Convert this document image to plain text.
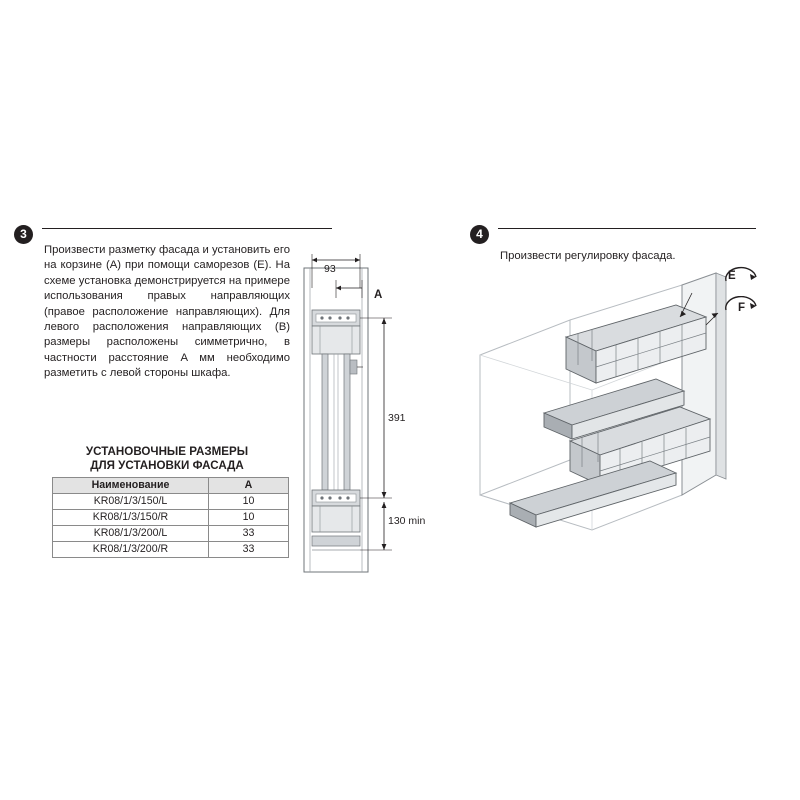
3
Произвести разметку фасада и установить его на корзине (A) при помощи саморезов (E). На схеме установка демонстрируется на примере использования правых направляющих (правое расположение направляющих). Для левого расположения направляющих (B) размеры расположены симметрично, в частности расстояние A мм необходимо разметить с левой стороны шкафа.
УСТАНОВОЧНЫЕ РАЗМЕРЫ
ДЛЯ УСТАНОВКИ ФАСАДА
Наименование	A
KR08/1/3/150/L	10
KR08/1/3/150/R	10
KR08/1/3/200/L	33
KR08/1/3/200/R	33
93
A
391
130 min
4
Произвести регулировку фасада.
E
F
